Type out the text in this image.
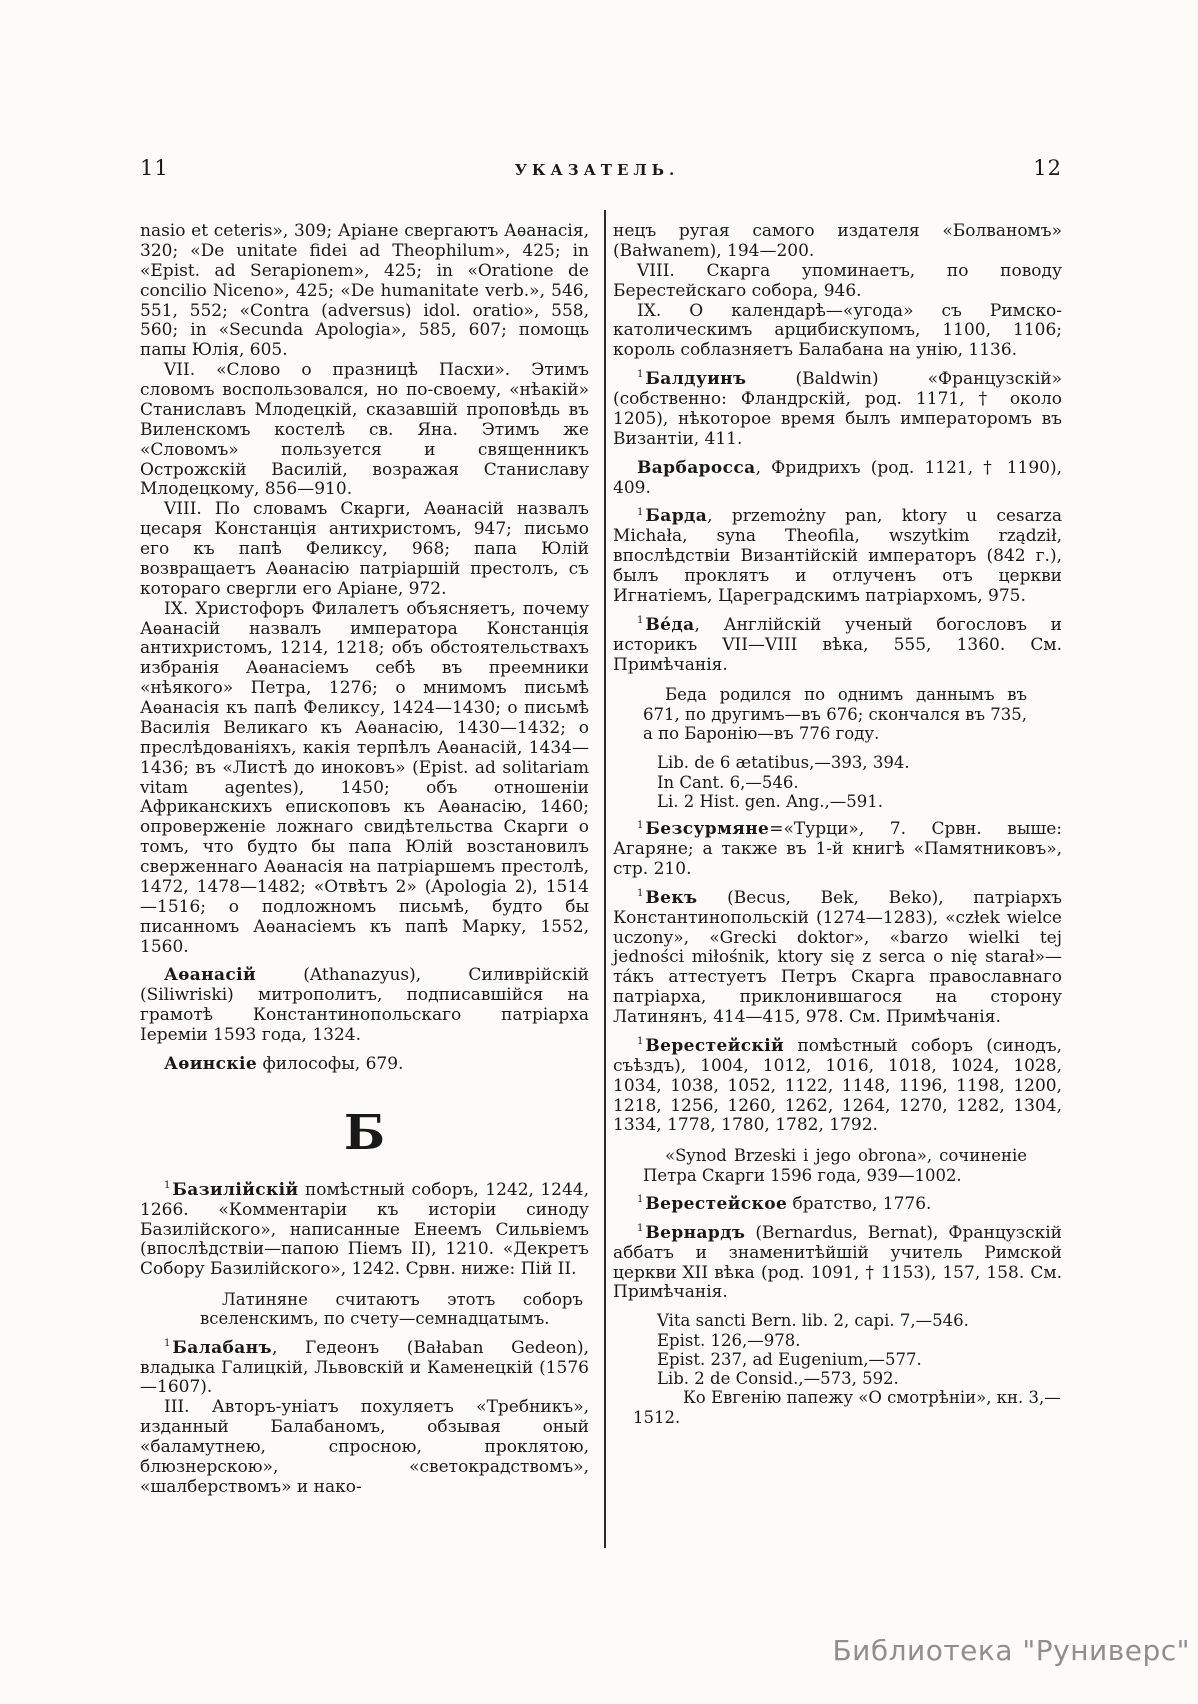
11	УКАЗАТЕЛЬ.	12

nasio et ceteris», 309; Аріане свергаютъ Аѳанасія, 320; «De unitate fidei ad Theophilum», 425; in «Epist. ad Serapionem», 425; in «Oratione de concilio Niceno», 425; «De humanitate verb.», 546, 551, 552; «Contra (adversus) idol. oratio», 558, 560; in «Secunda Apologia», 585, 607; помощь папы Юлія, 605.

VII. «Слово о празницѣ Пасхи». Этимъ словомъ воспользовался, но по-своему, «нѣакій» Станиславъ Млодецкій, сказавшій проповѣдь въ Виленскомъ костелѣ св. Яна. Этимъ же «Словомъ» пользуется и священникъ Острожскій Василій, возражая Станиславу Млодецкому, 856—910.

VIII. По словамъ Скарги, Аѳанасій назвалъ цесаря Констанція антихристомъ, 947; письмо его къ папѣ Феликсу, 968; папа Юлій возвращаетъ Аѳанасію патріаршій престолъ, съ котораго свергли его Аріане, 972.

IX. Христофоръ Филалетъ объясняетъ, почему Аѳанасій назвалъ императора Констанція антихристомъ, 1214, 1218; объ обстоятельствахъ избранія Аѳанасіемъ себѣ въ преемники «нѣякого» Петра, 1276; о мнимомъ письмѣ Аѳанасія къ папѣ Феликсу, 1424—1430; о письмѣ Василія Великаго къ Аѳанасію, 1430—1432; о преслѣдованіяхъ, какія терпѣлъ Аѳанасій, 1434—1436; въ «Листѣ до иноковъ» (Epist. ad solitariam vitam agentes), 1450; объ отношеніи Африканскихъ епископовъ къ Аѳанасію, 1460; опроверженіе ложнаго свидѣтельства Скарги о томъ, что будто бы папа Юлій возстановилъ сверженнаго Аѳанасія на патріаршемъ престолѣ, 1472, 1478—1482; «Отвѣтъ 2» (Apologia 2), 1514—1516; о подложномъ письмѣ, будто бы писанномъ Аѳанасіемъ къ папѣ Марку, 1552, 1560.

Аѳанасій (Athanazyus), Силиврійскій (Siliwriski) митрополитъ, подписавшійся на грамотѣ Константинопольскаго патріарха Іереміи 1593 года, 1324.

Аѳинскіе философы, 679.

Б

$^1$ Базилійскій помѣстный соборъ, 1242, 1244, 1266. «Комментаріи къ исторіи синоду Базилійского», написанные Енеемъ Сильвіемъ (впослѣдствіи—папою Піемъ II), 1210. «Декретъ Собору Базилійского», 1242. Срвн. ниже: Пій II.

Латиняне считаютъ этотъ соборъ вселенскимъ, по счету—семнадцатымъ.

$^1$ Балабанъ, Гедеонъ (Bałaban Gedeon), владыка Галицкій, Львовскій и Каменецкій (1576—1607).

III. Авторъ-уніатъ похуляетъ «Требникъ», изданный Балабаномъ, обзывая оный «баламутнею, спросною, проклятою, блюзнерскою», «светокрадствомъ», «шалберствомъ» и нако-

нецъ ругая самого издателя «Болваномъ» (Bałwanem), 194—200.

VIII. Скарга упоминаетъ, по поводу Берестейскаго собора, 946.

IX. О календарѣ—«угода» съ Римско-католическимъ арцибискупомъ, 1100, 1106; король соблазняетъ Балабана на унію, 1136.

$^1$ Балдуинъ (Baldwin) «Французскій» (собственно: Фландрскій, род. 1171, † около 1205), нѣкоторое время былъ императоромъ въ Византіи, 411.

Варбаросса, Фридрихъ (род. 1121, † 1190), 409.

$^1$ Барда, przemożny pan, ktory u cesarza Michała, syna Theofila, wszytkim rządził, впослѣдствіи Византійскій императоръ (842 г.), былъ проклятъ и отлученъ отъ церкви Игнатіемъ, Цареградскимъ патріархомъ, 975.

$^1$ Ве́да, Англійскій ученый богословъ и историкъ VII—VIII вѣка, 555, 1360. См. Примѣчанія.

Беда родился по однимъ даннымъ въ 671, по другимъ—въ 676; скончался въ 735, а по Баронію—въ 776 году.

Lib. de 6 ætatibus,—393, 394.

In Cant. 6,—546.

Li. 2 Hist. gen. Ang.,—591.

$^1$ Безсурмяне=«Турци», 7. Срвн. выше: Агаряне; а также въ 1-й книгѣ «Памятниковъ», стр. 210.

$^1$ Векъ (Becus, Bek, Beko), патріархъ Константинопольскій (1274—1283), «człek wielce uczony», «Grecki doktor», «barzo wielki tej jedności miłośnik, ktory się z serca o nię starał»—та́къ аттестуетъ Петръ Скарга православнаго патріарха, приклонившагося на сторону Латинянъ, 414—415, 978. См. Примѣчанія.

$^1$ Верестейскій помѣстный соборъ (синодъ, съѣздъ), 1004, 1012, 1016, 1018, 1024, 1028, 1034, 1038, 1052, 1122, 1148, 1196, 1198, 1200, 1218, 1256, 1260, 1262, 1264, 1270, 1282, 1304, 1334, 1778, 1780, 1782, 1792.

«Synod Brzeski i jego obrona», сочиненіе Петра Скарги 1596 года, 939—1002.

$^1$ Верестейское братство, 1776.

$^1$ Вернардъ (Bernardus, Bernat), Французскій аббатъ и знаменитѣйшій учитель Римской церкви XII вѣка (род. 1091, † 1153), 157, 158. См. Примѣчанія.

Vita sancti Bern. lib. 2, capi. 7,—546.

Epist. 126,—978.

Epist. 237, ad Eugenium,—577.

Lib. 2 de Consid.,—573, 592.

Ко Евгенію папежу «О смотрѣніи», кн. 3,—1512.

Библиотека "Руниверс"
